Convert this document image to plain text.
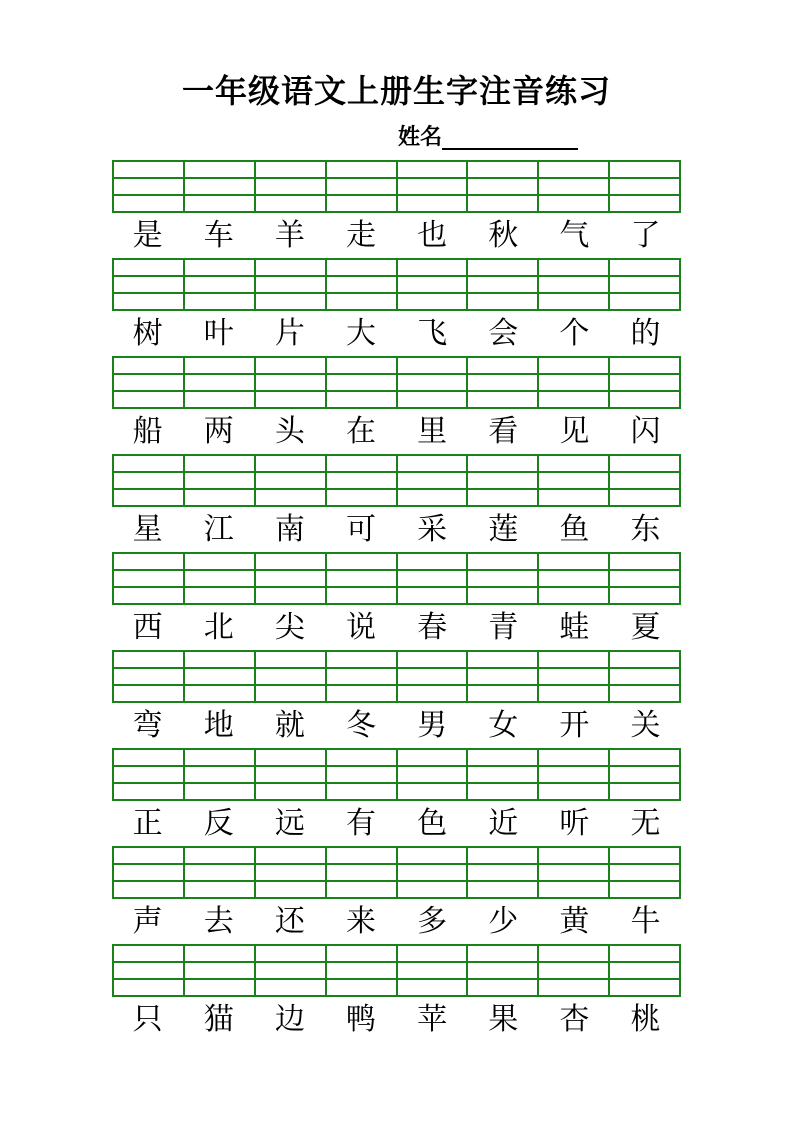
一年级语文上册生字注音练习
姓名

是	车	羊	走	也	秋	气	了

树	叶	片	大	飞	会	个	的

船	两	头	在	里	看	见	闪

星	江	南	可	采	莲	鱼	东

西	北	尖	说	春	青	蛙	夏

弯	地	就	冬	男	女	开	关

正	反	远	有	色	近	听	无

声	去	还	来	多	少	黄	牛

只	猫	边	鸭	苹	果	杏	桃
